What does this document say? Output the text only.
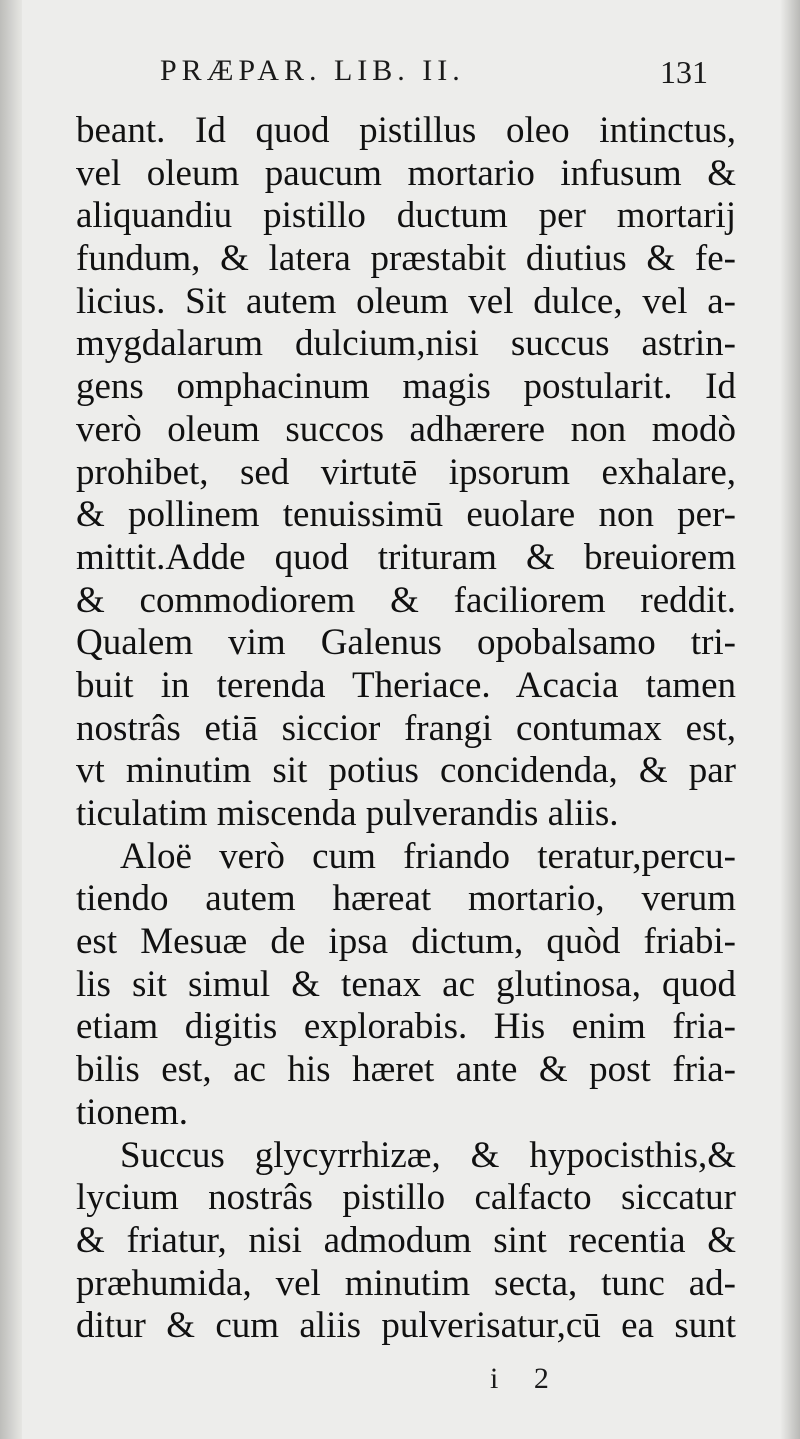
PRÆPAR. LIB. II.	131
beant. Id quod pistillus oleo intinctus,
vel oleum paucum mortario infusum &
aliquandiu pistillo ductum per mortarij
fundum, & latera præstabit diutius & fe-
licius. Sit autem oleum vel dulce, vel a-
mygdalarum dulcium,nisi succus astrin-
gens omphacinum magis postularit. Id
verò oleum succos adhærere non modò
prohibet, sed virtutē ipsorum exhalare,
& pollinem tenuissimū euolare non per-
mittit.Adde quod trituram & breuiorem
& commodiorem & faciliorem reddit.
Qualem vim Galenus opobalsamo tri-
buit in terenda Theriace. Acacia tamen
nostrâs etiā siccior frangi contumax est,
vt minutim sit potius concidenda, & par
ticulatim miscenda pulverandis aliis.
Aloë verò cum friando teratur,percu-
tiendo autem hæreat mortario, verum
est Mesuæ de ipsa dictum, quòd friabi-
lis sit simul & tenax ac glutinosa, quod
etiam digitis explorabis. His enim fria-
bilis est, ac his hæret ante & post fria-
tionem.
Succus glycyrrhizæ, & hypocisthis,&
lycium nostrâs pistillo calfacto siccatur
& friatur, nisi admodum sint recentia &
præhumida, vel minutim secta, tunc ad-
ditur & cum aliis pulverisatur,cū ea sunt
i 2
